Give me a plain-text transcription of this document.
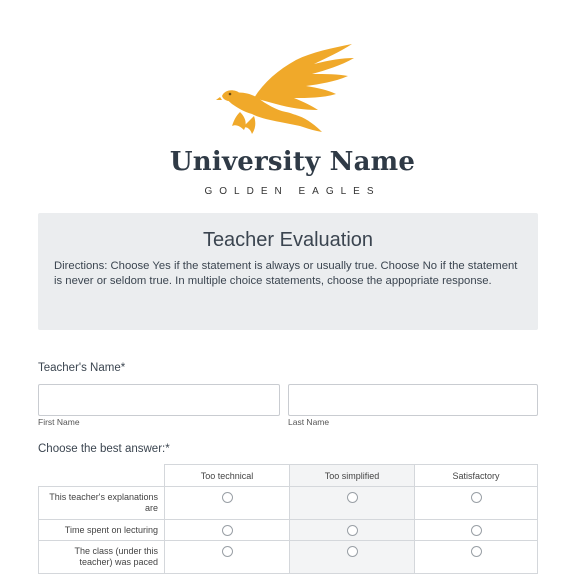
University Name
GOLDEN EAGLES
Teacher Evaluation
Directions: Choose Yes if the statement is always or usually true. Choose No if the statement is never or seldom true. In multiple choice statements, choose the appopriate response.
Teacher's Name*
First Name	Last Name
Choose the best answer:*
	Too technical	Too simplified	Satisfactory
This teacher's explanations are			
Time spent on lecturing			
The class (under this teacher) was paced			
